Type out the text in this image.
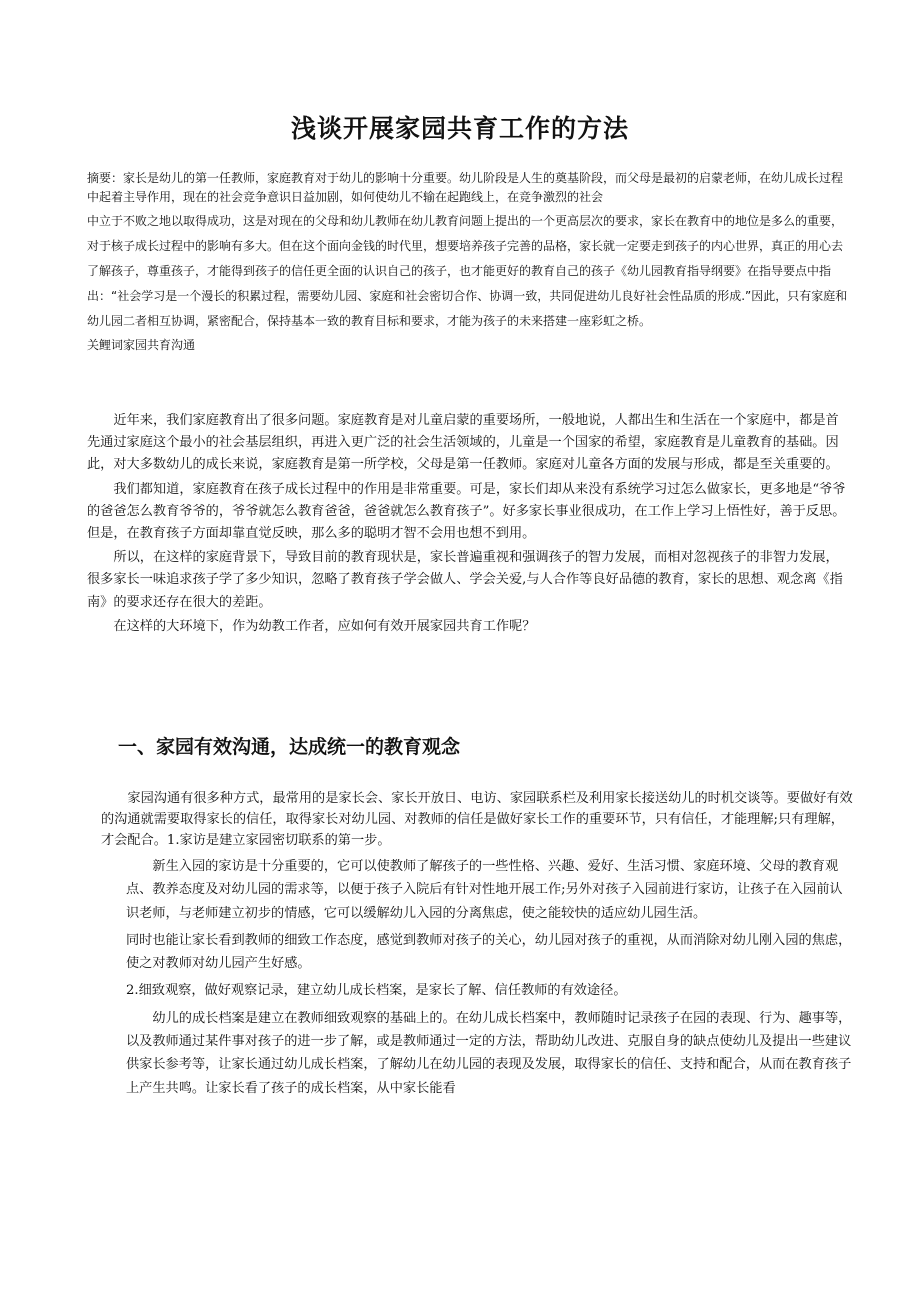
浅谈开展家园共育工作的方法

摘要：家长是幼儿的第一任教师，家庭教育对于幼儿的影响十分重要。幼儿阶段是人生的奠基阶段，而父母是最初的启蒙老师，在幼儿成长过程中起着主导作用，现在的社会竞争意识日益加剧，如何使幼儿不输在起跑线上，在竞争激烈的社会

中立于不败之地以取得成功，这是对现在的父母和幼儿教师在幼儿教育问题上提出的一个更高层次的要求，家长在教育中的地位是多么的重要，对于核子成长过程中的影响有多大。但在这个面向金钱的时代里，想要培养孩子完善的品格，家长就一定要走到孩子的内心世界，真正的用心去了解孩子，尊重孩子，才能得到孩子的信任更全面的认识自己的孩子，也才能更好的教育自己的孩子《幼儿园教育指导纲要》在指导要点中指出：“社会学习是一个漫长的积累过程，需要幼儿园、家庭和社会密切合作、协调一致，共同促进幼儿良好社会性品质的形成.”因此，只有家庭和幼儿园二者相互协调，紧密配合，保持基本一致的教育目标和要求，才能为孩子的未来搭建一座彩虹之桥。

关鲤词家园共育沟通

近年来，我们家庭教育出了很多问题。家庭教育是对儿童启蒙的重要场所，一般地说，人都出生和生活在一个家庭中，都是首先通过家庭这个最小的社会基层组织，再进入更广泛的社会生活领域的，儿童是一个国家的希望，家庭教育是儿童教育的基础。因此，对大多数幼儿的成长来说，家庭教育是第一所学校，父母是第一任教师。家庭对儿童各方面的发展与形成，都是至关重要的。

我们都知道，家庭教育在孩子成长过程中的作用是非常重要。可是，家长们却从来没有系统学习过怎么做家长，更多地是“爷爷的爸爸怎么教育爷爷的，爷爷就怎么教育爸爸，爸爸就怎么教育孩子”。好多家长事业很成功，在工作上学习上悟性好，善于反思。但是，在教育孩子方面却靠直觉反映，那么多的聪明才智不会用也想不到用。

所以，在这样的家庭背景下，导致目前的教育现状是，家长普遍重视和强调孩子的智力发展，而相对忽视孩子的非智力发展，很多家长一味追求孩子学了多少知识，忽略了教育孩子学会做人、学会关爱,与人合作等良好品德的教育，家长的思想、观念离《指南》的要求还存在很大的差距。

在这样的大环境下，作为幼教工作者，应如何有效开展家园共育工作呢？

一、家园有效沟通，达成统一的教育观念

家园沟通有很多种方式，最常用的是家长会、家长开放日、电访、家园联系栏及利用家长接送幼儿的时机交谈等。要做好有效的沟通就需要取得家长的信任，取得家长对幼儿园、对教师的信任是做好家长工作的重要环节，只有信任，才能理解;只有理解，才会配合。1.家访是建立家园密切联系的第一步。

新生入园的家访是十分重要的，它可以使教师了解孩子的一些性格、兴趣、爱好、生活习惯、家庭环境、父母的教育观点、教养态度及对幼儿园的需求等，以便于孩子入院后有针对性地开展工作;另外对孩子入园前进行家访，让孩子在入园前认识老师，与老师建立初步的情感，它可以缓解幼儿入园的分离焦虑，使之能较快的适应幼儿园生活。

同时也能让家长看到教师的细致工作态度，感觉到教师对孩子的关心，幼儿园对孩子的重视，从而消除对幼儿刚入园的焦虑，使之对教师对幼儿园产生好感。

2.细致观察，做好观察记录，建立幼儿成长档案，是家长了解、信任教师的有效途径。

幼儿的成长档案是建立在教师细致观察的基础上的。在幼儿成长档案中，教师随时记录孩子在园的表现、行为、趣事等，以及教师通过某件事对孩子的进一步了解，或是教师通过一定的方法，帮助幼儿改进、克服自身的缺点使幼儿及提出一些建议供家长参考等，让家长通过幼儿成长档案，了解幼儿在幼儿园的表现及发展，取得家长的信任、支持和配合，从而在教育孩子上产生共鸣。让家长看了孩子的成长档案，从中家长能看
